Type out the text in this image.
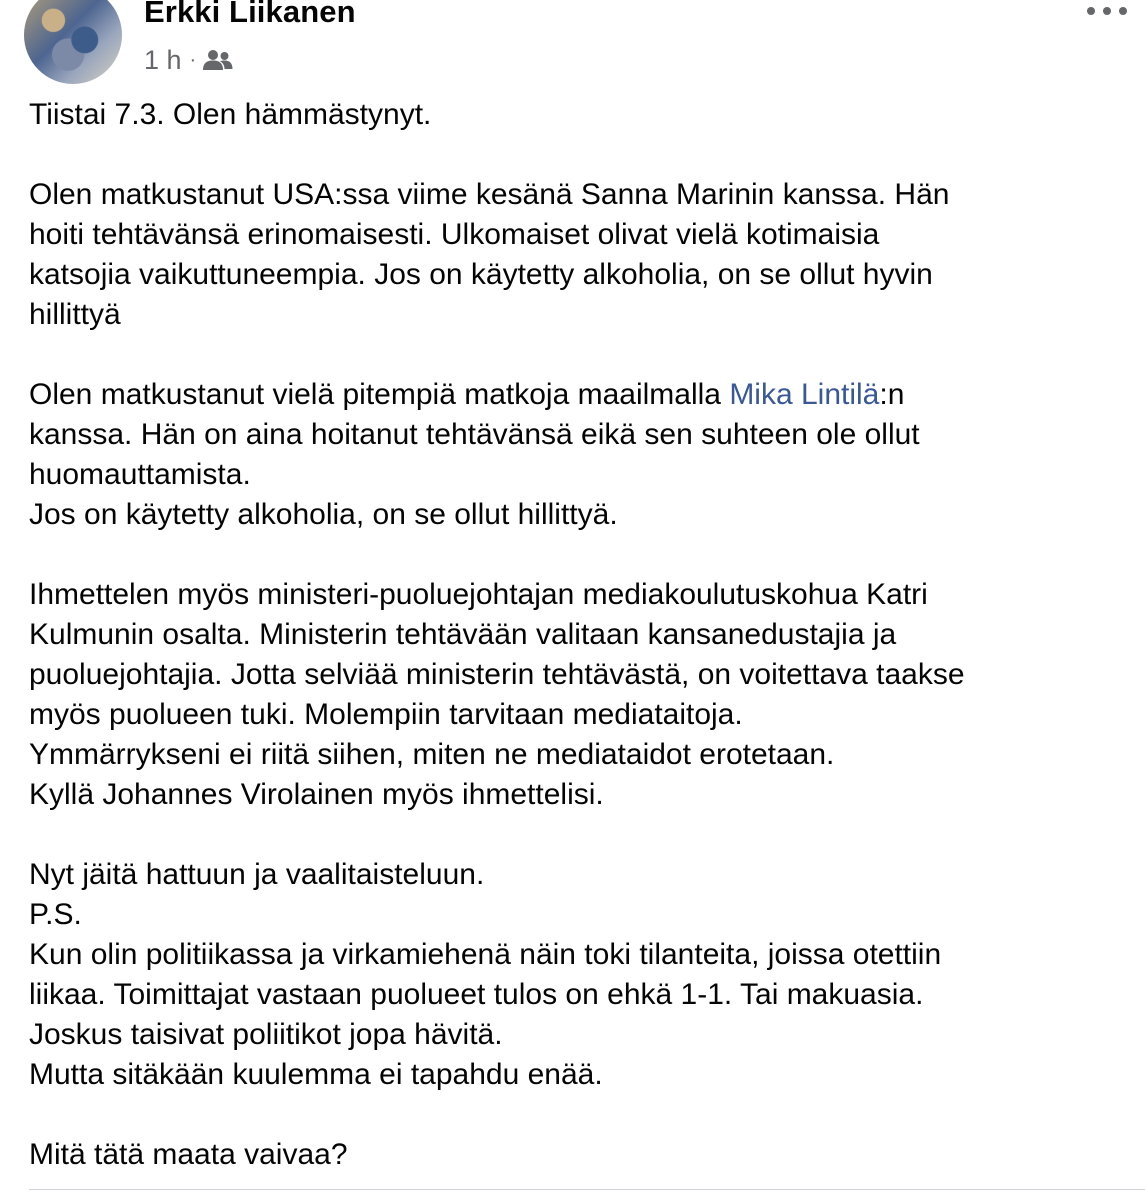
Erkki Liikanen
1 h ·

Tiistai 7.3. Olen hämmästynyt.

Olen matkustanut USA:ssa viime kesänä Sanna Marinin kanssa. Hän

hoiti tehtävänsä erinomaisesti. Ulkomaiset olivat vielä kotimaisia

katsojia vaikuttuneempia. Jos on käytetty alkoholia, on se ollut hyvin

hillittyä

Olen matkustanut vielä pitempiä matkoja maailmalla Mika Lintilä:n

kanssa. Hän on aina hoitanut tehtävänsä eikä sen suhteen ole ollut

huomauttamista.

Jos on käytetty alkoholia, on se ollut hillittyä.

Ihmettelen myös ministeri-puoluejohtajan mediakoulutuskohua Katri

Kulmunin osalta. Ministerin tehtävään valitaan kansanedustajia ja

puoluejohtajia. Jotta selviää ministerin tehtävästä, on voitettava taakse

myös puolueen tuki. Molempiin tarvitaan mediataitoja.

Ymmärrykseni ei riitä siihen, miten ne mediataidot erotetaan.

Kyllä Johannes Virolainen myös ihmettelisi.

Nyt jäitä hattuun ja vaalitaisteluun.

P.S.

Kun olin politiikassa ja virkamiehenä näin toki tilanteita, joissa otettiin

liikaa. Toimittajat vastaan puolueet tulos on ehkä 1-1. Tai makuasia.

Joskus taisivat poliitikot jopa hävitä.

Mutta sitäkään kuulemma ei tapahdu enää.

Mitä tätä maata vaivaa?
